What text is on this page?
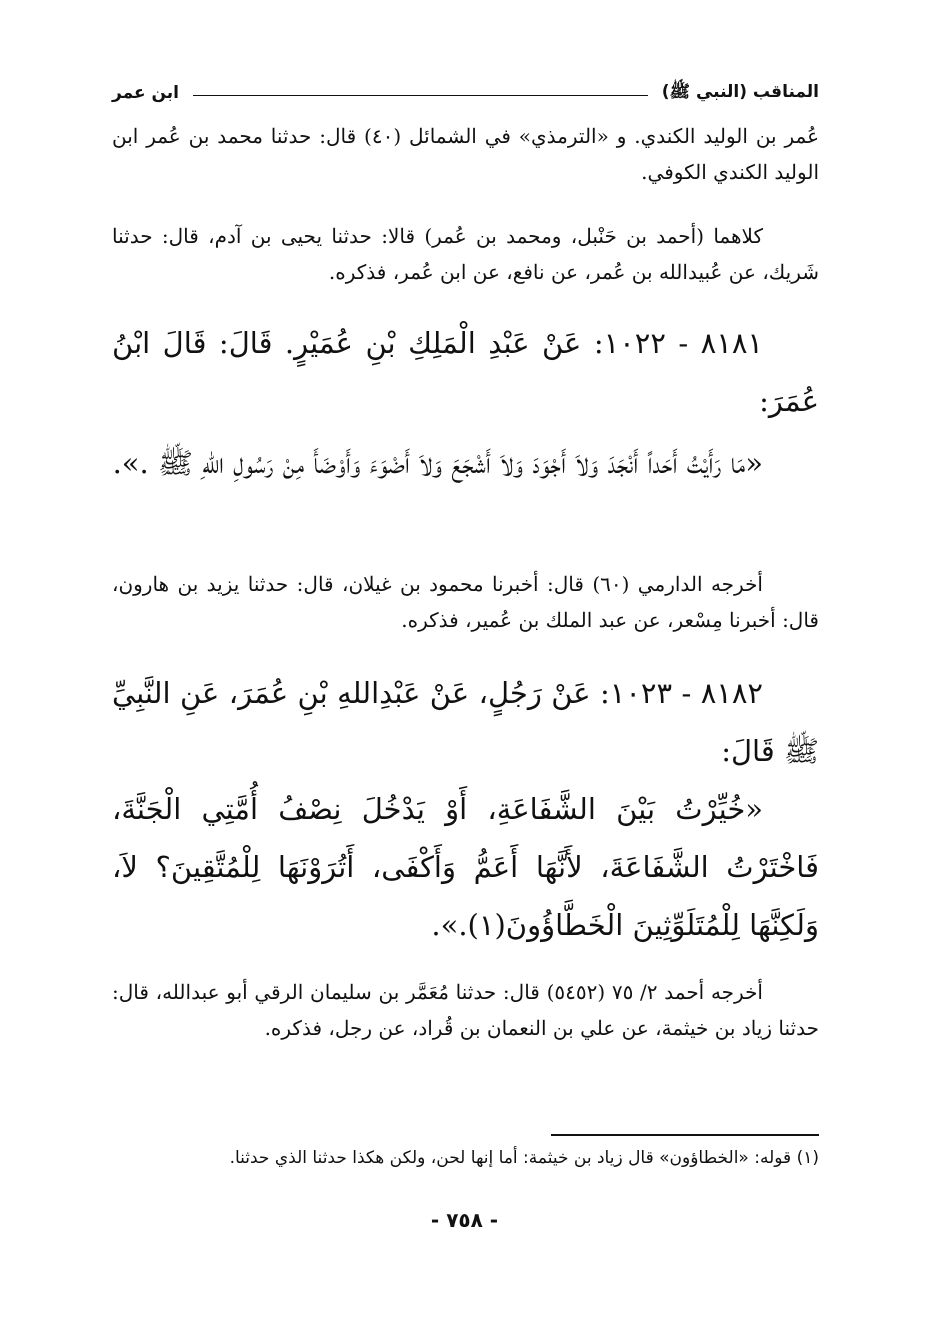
المناقب (النبي ﷺ)
ابن عمر

عُمر بن الوليد الكندي. و «الترمذي» في الشمائل (٤٠) قال: حدثنا محمد بن عُمر ابن الوليد الكندي الكوفي.

كلاهما (أحمد بن حَنْبل، ومحمد بن عُمر) قالا: حدثنا يحيى بن آدم، قال: حدثنا شَريك، عن عُبيدالله بن عُمر، عن نافع، عن ابن عُمر، فذكره.

٨١٨١ - ١٠٢٢: عَنْ عَبْدِ الْمَلِكِ بْنِ عُمَيْرٍ. قَالَ: قَالَ ابْنُ عُمَرَ:

«مَا رَأَيْتُ أَحَداً أَنْجَدَ وَلاَ أَجْوَدَ وَلاَ أَشْجَعَ وَلاَ أَضْوَءَ وَأَوْضَأَ مِنْ رَسُولِ اللهِ ﷺ .».

أخرجه الدارمي (٦٠) قال: أخبرنا محمود بن غيلان، قال: حدثنا يزيد بن هارون، قال: أخبرنا مِسْعر، عن عبد الملك بن عُمير، فذكره.

٨١٨٢ - ١٠٢٣: عَنْ رَجُلٍ، عَنْ عَبْدِاللهِ بْنِ عُمَرَ، عَنِ النَّبِيِّ ﷺ قَالَ:

«خُيِّرْتُ بَيْنَ الشَّفَاعَةِ، أَوْ يَدْخُلَ نِصْفُ أُمَّتِي الْجَنَّةَ، فَاخْتَرْتُ الشَّفَاعَةَ، لأَنَّهَا أَعَمُّ وَأَكْفَى، أَتُرَوْنَهَا لِلْمُتَّقِينَ؟ لاَ، وَلَكِنَّهَا لِلْمُتَلَوِّثِينَ الْخَطَّاؤُونَ(١).».

أخرجه أحمد ٢/ ٧٥ (٥٤٥٢) قال: حدثنا مُعَمَّر بن سليمان الرقي أبو عبدالله، قال: حدثنا زياد بن خيثمة، عن علي بن النعمان بن قُراد، عن رجل، فذكره.

(١) قوله: «الخطاؤون» قال زياد بن خيثمة: أما إنها لحن، ولكن هكذا حدثنا الذي حدثنا.

- ٧٥٨ -
